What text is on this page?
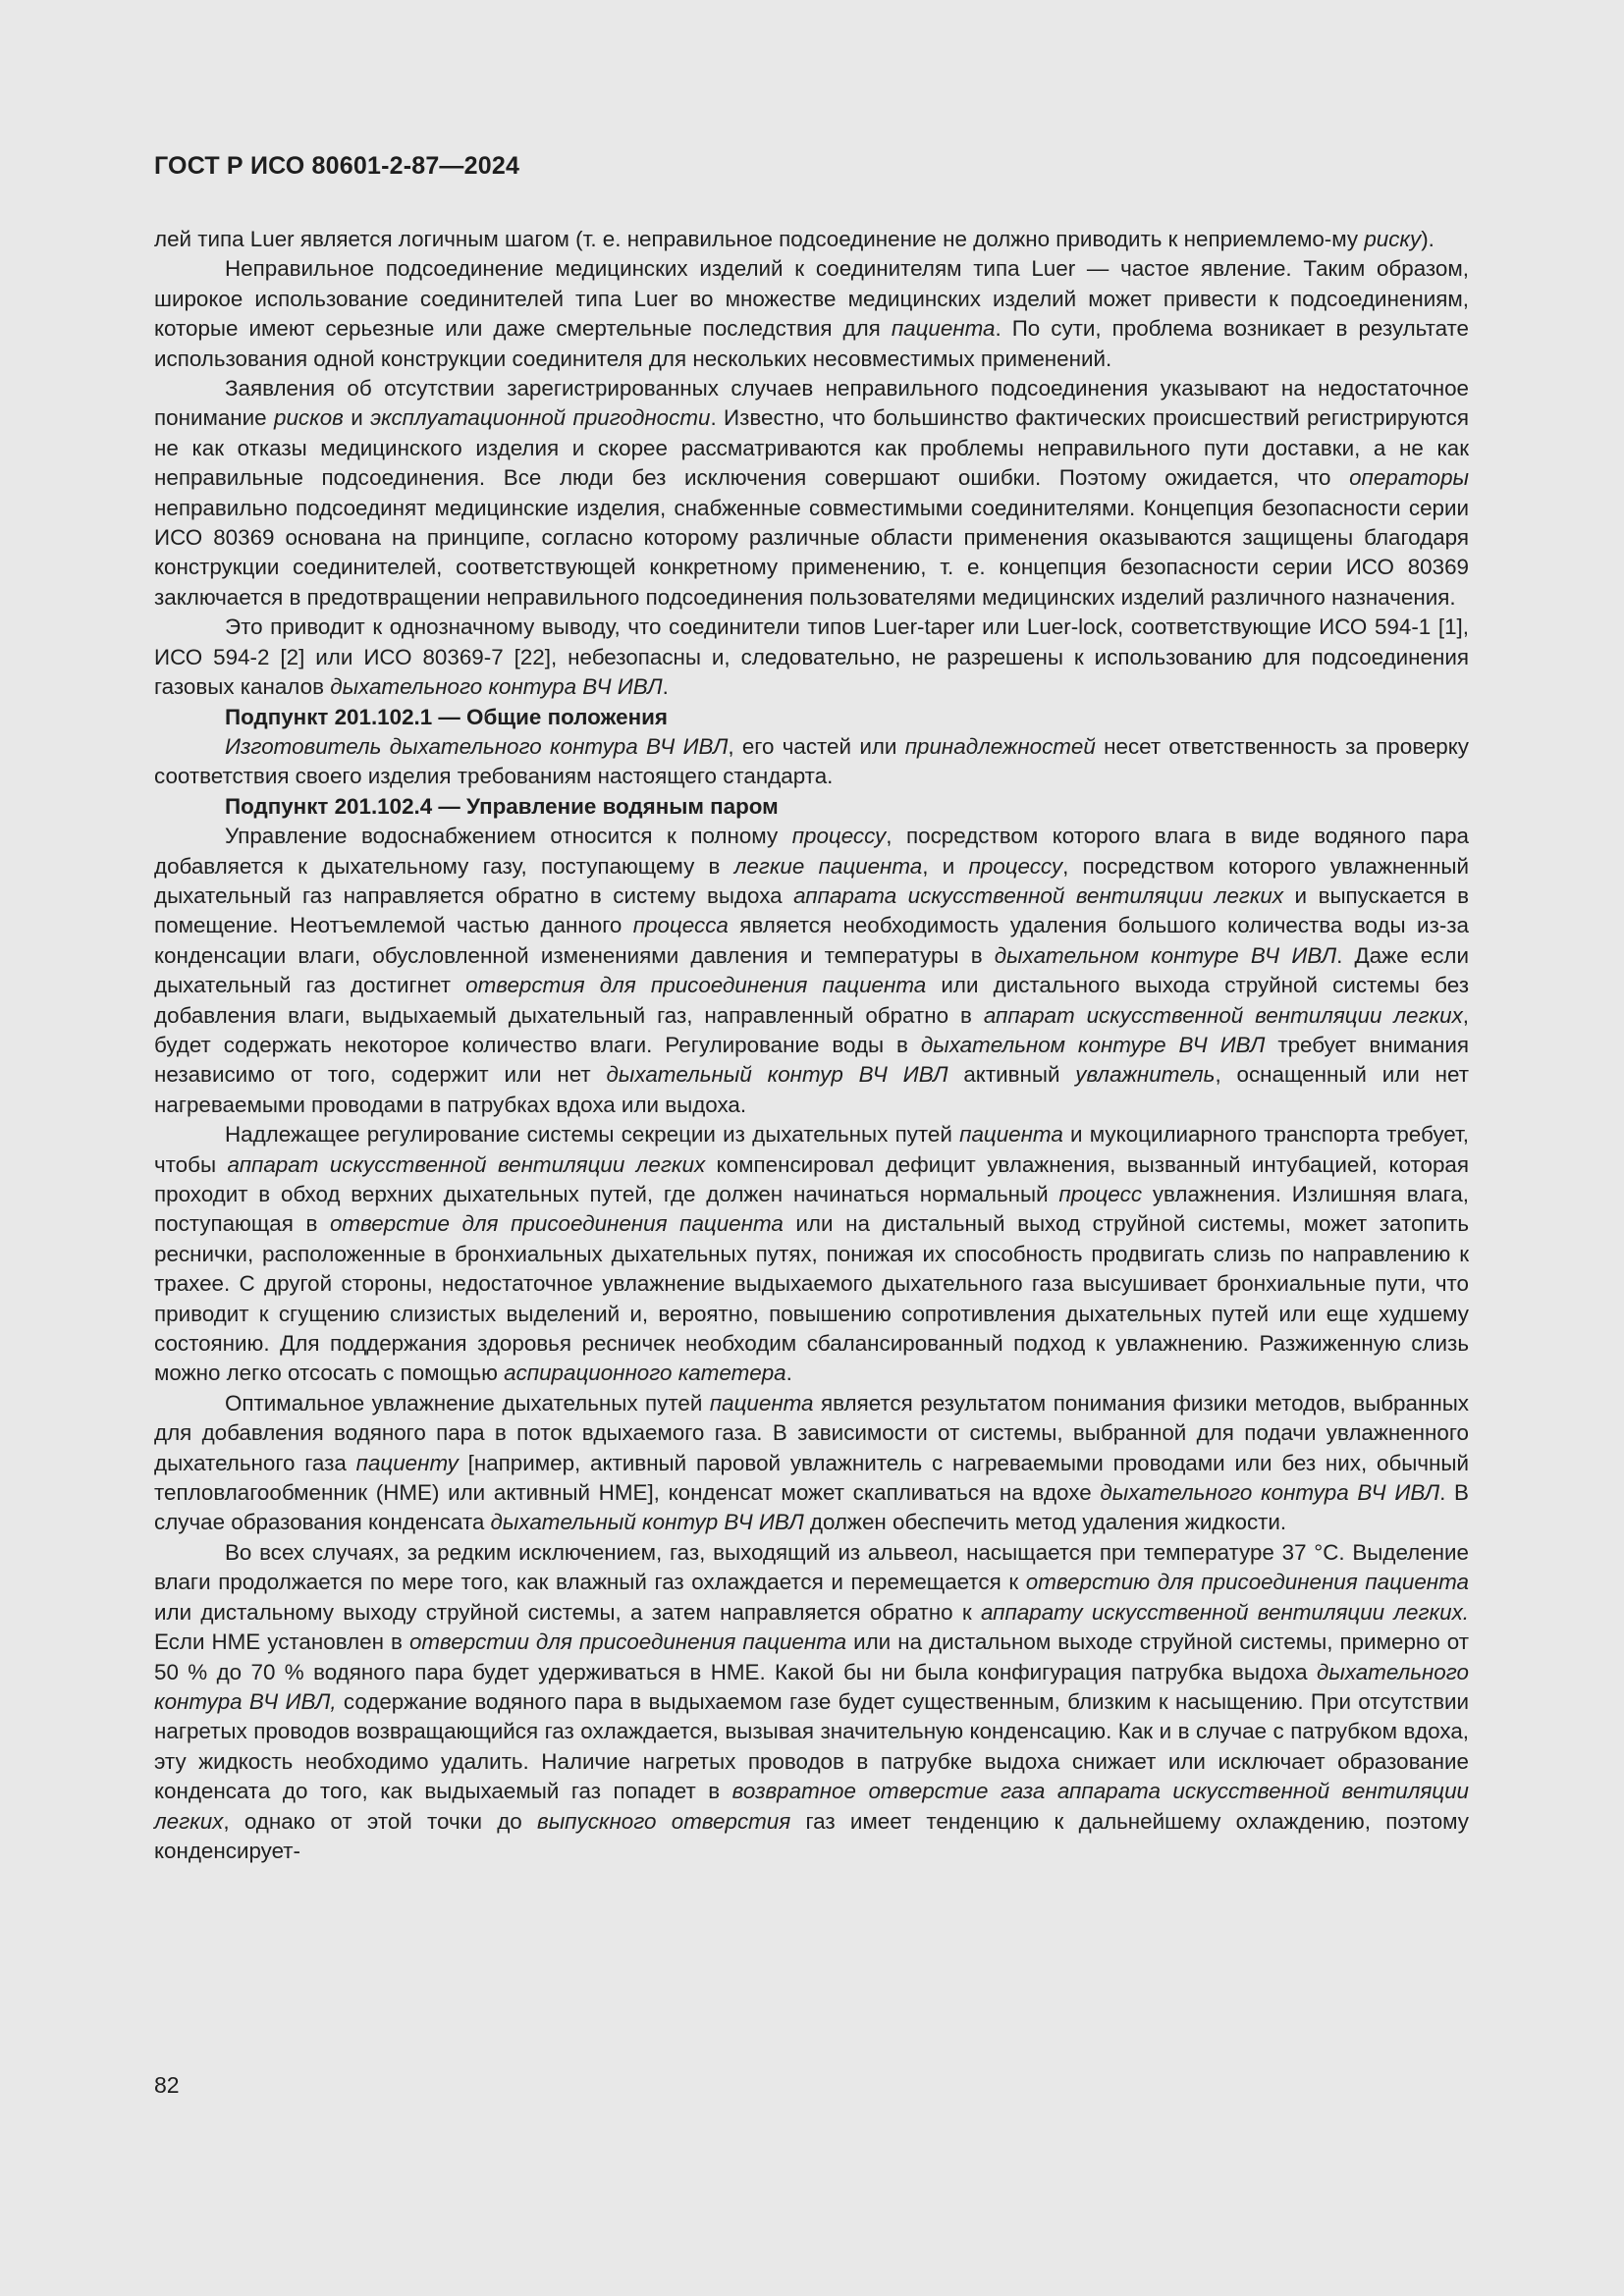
ГОСТ Р ИСО 80601-2-87—2024

лей типа Luer является логичным шагом (т. е. неправильное подсоединение не должно приводить к неприемлемо-му риску).

Неправильное подсоединение медицинских изделий к соединителям типа Luer — частое явление. Таким образом, широкое использование соединителей типа Luer во множестве медицинских изделий может привести к подсоединениям, которые имеют серьезные или даже смертельные последствия для пациента. По сути, проблема возникает в результате использования одной конструкции соединителя для нескольких несовместимых применений.

Заявления об отсутствии зарегистрированных случаев неправильного подсоединения указывают на недостаточное понимание рисков и эксплуатационной пригодности. Известно, что большинство фактических происшествий регистрируются не как отказы медицинского изделия и скорее рассматриваются как проблемы неправильного пути доставки, а не как неправильные подсоединения. Все люди без исключения совершают ошибки. Поэтому ожидается, что операторы неправильно подсоединят медицинские изделия, снабженные совместимыми соединителями. Концепция безопасности серии ИСО 80369 основана на принципе, согласно которому различные области применения оказываются защищены благодаря конструкции соединителей, соответствующей конкретному применению, т. е. концепция безопасности серии ИСО 80369 заключается в предотвращении неправильного подсоединения пользователями медицинских изделий различного назначения.

Это приводит к однозначному выводу, что соединители типов Luer-taper или Luer-lock, соответствующие ИСО 594-1 [1], ИСО 594-2 [2] или ИСО 80369-7 [22], небезопасны и, следовательно, не разрешены к использованию для подсоединения газовых каналов дыхательного контура ВЧ ИВЛ.

Подпункт 201.102.1 — Общие положения

Изготовитель дыхательного контура ВЧ ИВЛ, его частей или принадлежностей несет ответственность за проверку соответствия своего изделия требованиям настоящего стандарта.

Подпункт 201.102.4 — Управление водяным паром

Управление водоснабжением относится к полному процессу, посредством которого влага в виде водяного пара добавляется к дыхательному газу, поступающему в легкие пациента, и процессу, посредством которого увлажненный дыхательный газ направляется обратно в систему выдоха аппарата искусственной вентиляции легких и выпускается в помещение. Неотъемлемой частью данного процесса является необходимость удаления большого количества воды из-за конденсации влаги, обусловленной изменениями давления и температуры в дыхательном контуре ВЧ ИВЛ. Даже если дыхательный газ достигнет отверстия для присоединения пациента или дистального выхода струйной системы без добавления влаги, выдыхаемый дыхательный газ, направленный обратно в аппарат искусственной вентиляции легких, будет содержать некоторое количество влаги. Регулирование воды в дыхательном контуре ВЧ ИВЛ требует внимания независимо от того, содержит или нет дыхательный контур ВЧ ИВЛ активный увлажнитель, оснащенный или нет нагреваемыми проводами в патрубках вдоха или выдоха.

Надлежащее регулирование системы секреции из дыхательных путей пациента и мукоцилиарного транспорта требует, чтобы аппарат искусственной вентиляции легких компенсировал дефицит увлажнения, вызванный интубацией, которая проходит в обход верхних дыхательных путей, где должен начинаться нормальный процесс увлажнения. Излишняя влага, поступающая в отверстие для присоединения пациента или на дистальный выход струйной системы, может затопить реснички, расположенные в бронхиальных дыхательных путях, понижая их способность продвигать слизь по направлению к трахее. С другой стороны, недостаточное увлажнение выдыхаемого дыхательного газа высушивает бронхиальные пути, что приводит к сгущению слизистых выделений и, вероятно, повышению сопротивления дыхательных путей или еще худшему состоянию. Для поддержания здоровья ресничек необходим сбалансированный подход к увлажнению. Разжиженную слизь можно легко отсосать с помощью аспирационного катетера.

Оптимальное увлажнение дыхательных путей пациента является результатом понимания физики методов, выбранных для добавления водяного пара в поток вдыхаемого газа. В зависимости от системы, выбранной для подачи увлажненного дыхательного газа пациенту [например, активный паровой увлажнитель с нагреваемыми проводами или без них, обычный тепловлагообменник (HME) или активный HME], конденсат может скапливаться на вдохе дыхательного контура ВЧ ИВЛ. В случае образования конденсата дыхательный контур ВЧ ИВЛ должен обеспечить метод удаления жидкости.

Во всех случаях, за редким исключением, газ, выходящий из альвеол, насыщается при температуре 37 °C. Выделение влаги продолжается по мере того, как влажный газ охлаждается и перемещается к отверстию для присоединения пациента или дистальному выходу струйной системы, а затем направляется обратно к аппарату искусственной вентиляции легких. Если HME установлен в отверстии для присоединения пациента или на дистальном выходе струйной системы, примерно от 50 % до 70 % водяного пара будет удерживаться в HME. Какой бы ни была конфигурация патрубка выдоха дыхательного контура ВЧ ИВЛ, содержание водяного пара в выдыхаемом газе будет существенным, близким к насыщению. При отсутствии нагретых проводов возвращающийся газ охлаждается, вызывая значительную конденсацию. Как и в случае с патрубком вдоха, эту жидкость необходимо удалить. Наличие нагретых проводов в патрубке выдоха снижает или исключает образование конденсата до того, как выдыхаемый газ попадет в возвратное отверстие газа аппарата искусственной вентиляции легких, однако от этой точки до выпускного отверстия газ имеет тенденцию к дальнейшему охлаждению, поэтому конденсирует-

82
